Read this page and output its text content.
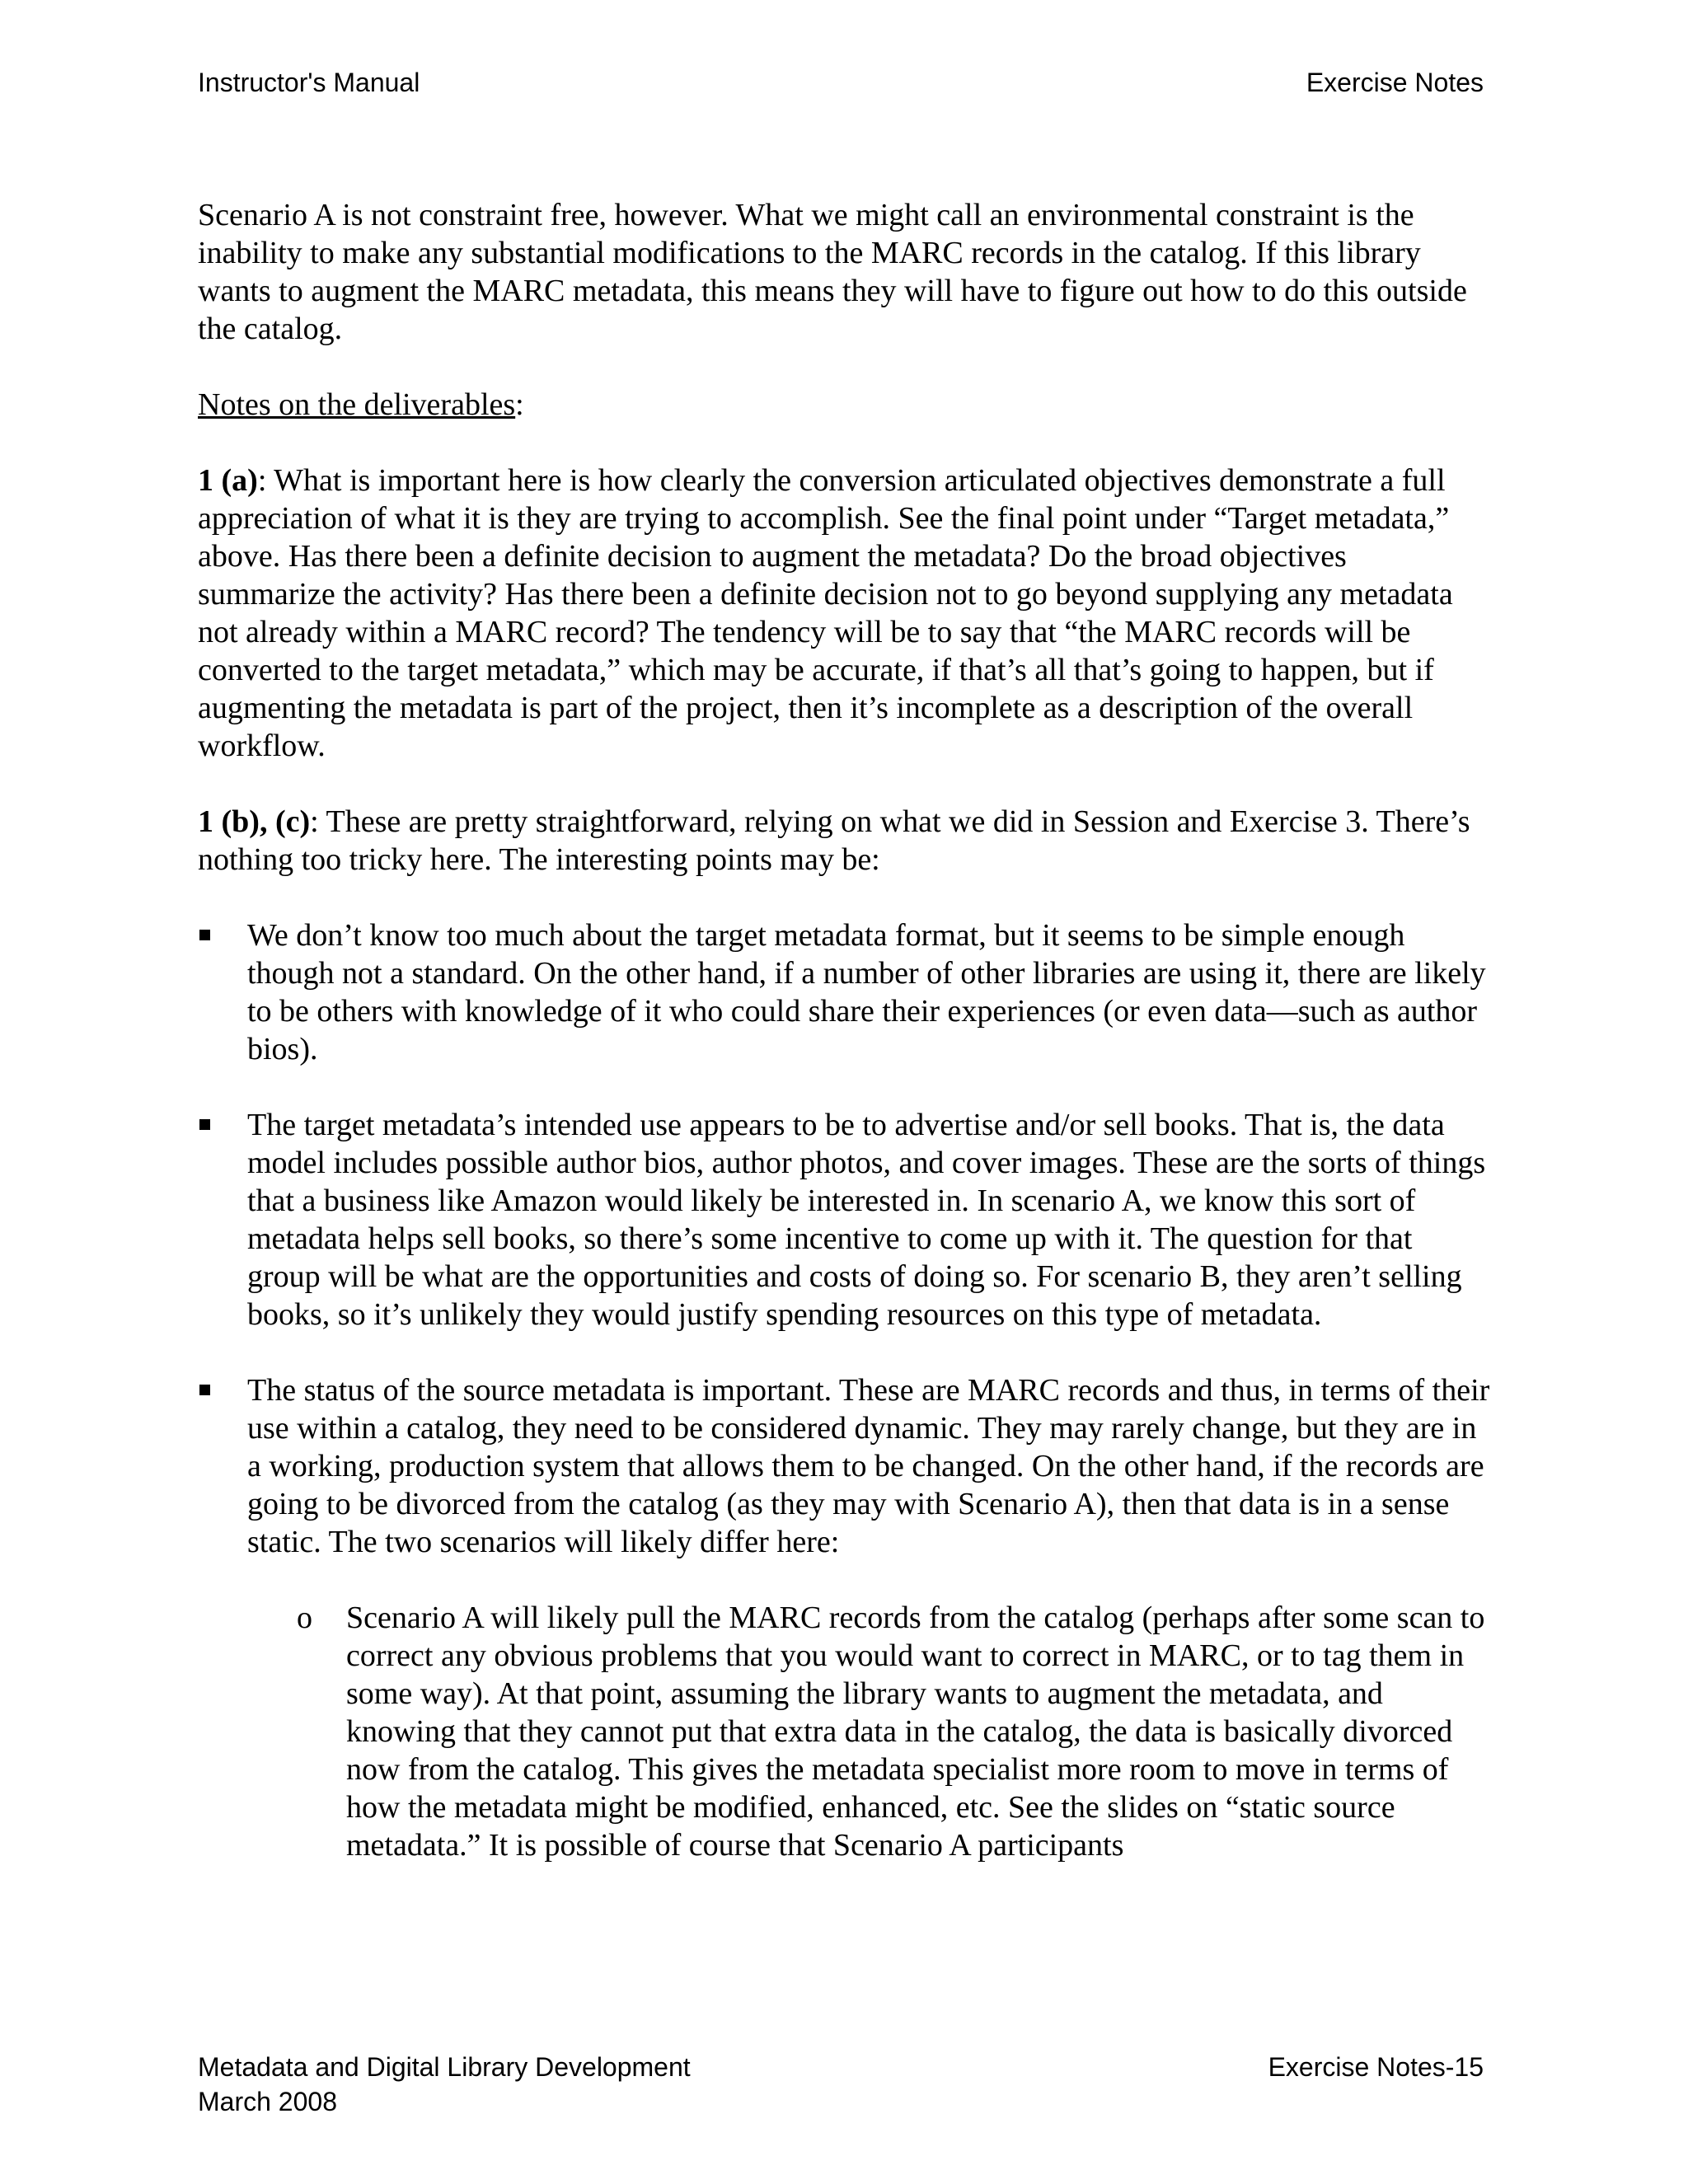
Instructor's Manual	Exercise Notes

Scenario A is not constraint free, however. What we might call an environmental constraint is the inability to make any substantial modifications to the MARC records in the catalog. If this library wants to augment the MARC metadata, this means they will have to figure out how to do this outside the catalog.

Notes on the deliverables:

1 (a): What is important here is how clearly the conversion articulated objectives demonstrate a full appreciation of what it is they are trying to accomplish. See the final point under “Target metadata,” above. Has there been a definite decision to augment the metadata? Do the broad objectives summarize the activity? Has there been a definite decision not to go beyond supplying any metadata not already within a MARC record? The tendency will be to say that “the MARC records will be converted to the target metadata,” which may be accurate, if that’s all that’s going to happen, but if augmenting the metadata is part of the project, then it’s incomplete as a description of the overall workflow.

1 (b), (c): These are pretty straightforward, relying on what we did in Session and Exercise 3. There’s nothing too tricky here. The interesting points may be:

We don’t know too much about the target metadata format, but it seems to be simple enough though not a standard. On the other hand, if a number of other libraries are using it, there are likely to be others with knowledge of it who could share their experiences (or even data—such as author bios).
The target metadata’s intended use appears to be to advertise and/or sell books. That is, the data model includes possible author bios, author photos, and cover images. These are the sorts of things that a business like Amazon would likely be interested in. In scenario A, we know this sort of metadata helps sell books, so there’s some incentive to come up with it. The question for that group will be what are the opportunities and costs of doing so. For scenario B, they aren’t selling books, so it’s unlikely they would justify spending resources on this type of metadata.
The status of the source metadata is important. These are MARC records and thus, in terms of their use within a catalog, they need to be considered dynamic. They may rarely change, but they are in a working, production system that allows them to be changed. On the other hand, if the records are going to be divorced from the catalog (as they may with Scenario A), then that data is in a sense static. The two scenarios will likely differ here:
o Scenario A will likely pull the MARC records from the catalog (perhaps after some scan to correct any obvious problems that you would want to correct in MARC, or to tag them in some way). At that point, assuming the library wants to augment the metadata, and knowing that they cannot put that extra data in the catalog, the data is basically divorced now from the catalog. This gives the metadata specialist more room to move in terms of how the metadata might be modified, enhanced, etc. See the slides on “static source metadata.” It is possible of course that Scenario A participants
Metadata and Digital Library Development	Exercise Notes-15
March 2008
